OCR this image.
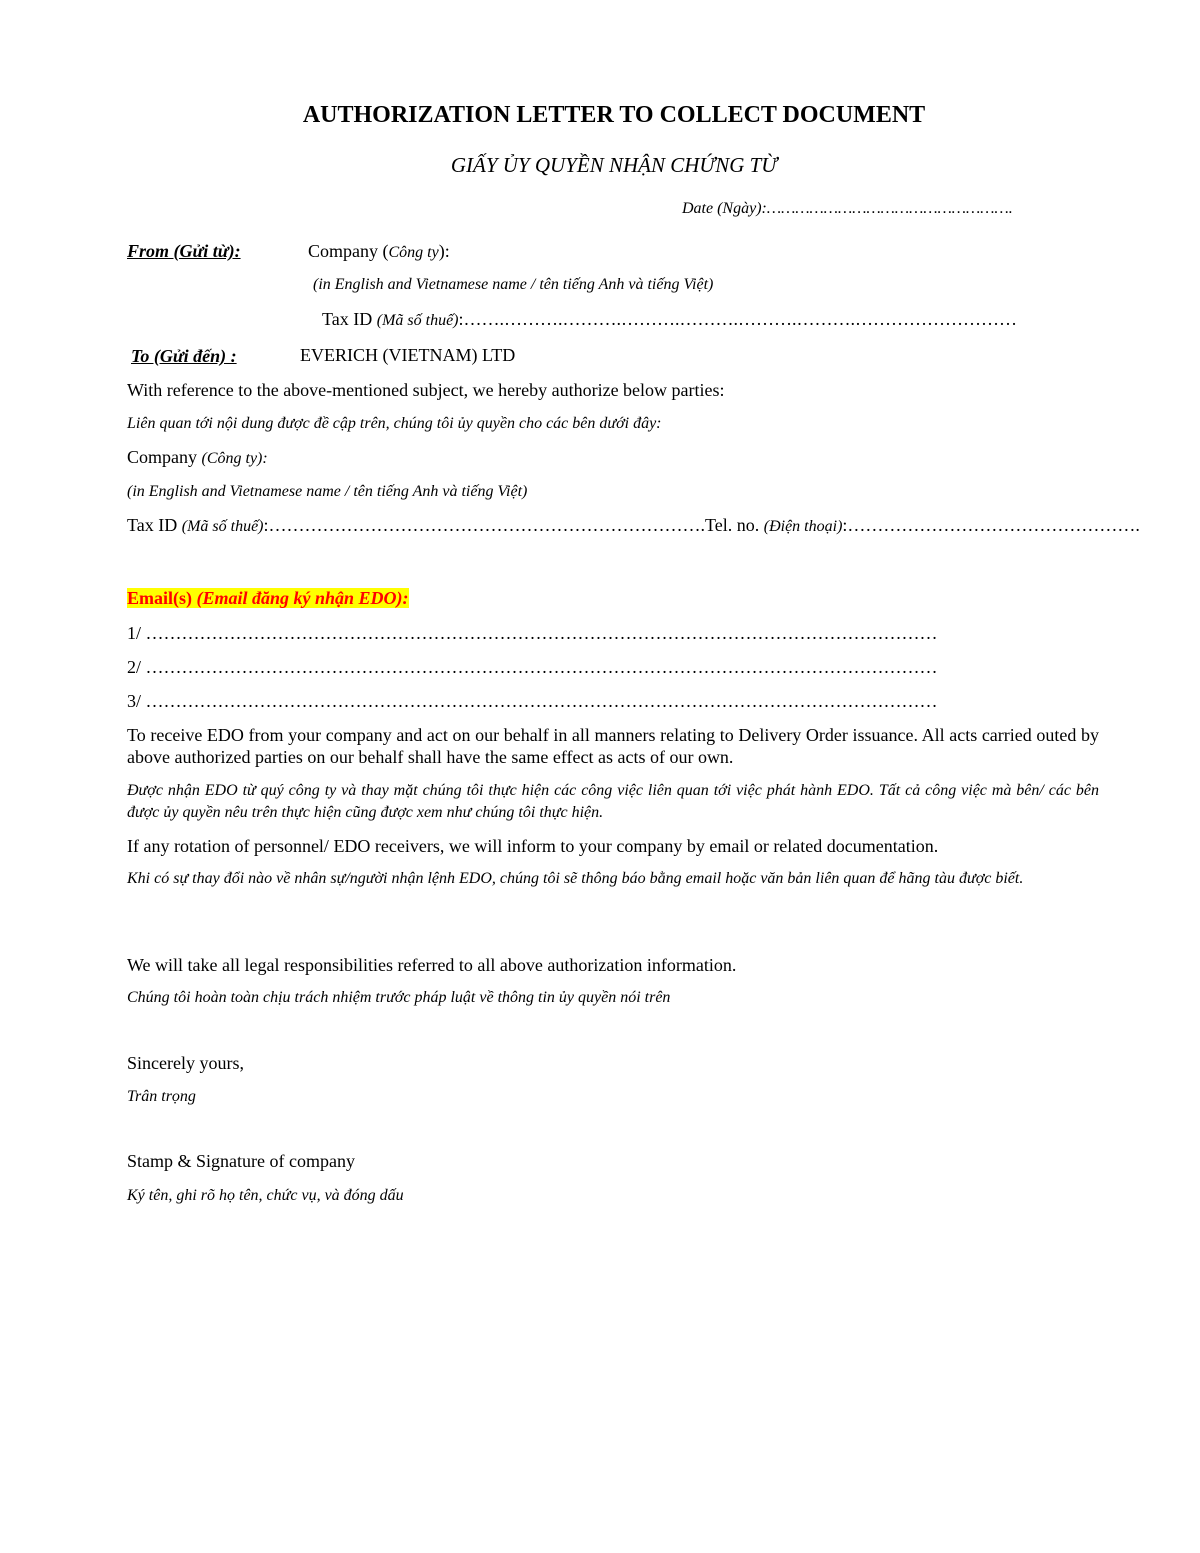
AUTHORIZATION LETTER TO COLLECT DOCUMENT
GIẤY ỦY QUYỀN NHẬN CHỨNG TỪ
Date (Ngày):…………………………………………….
From (Gửi từ):	Company (Công ty):
(in English and Vietnamese name / tên tiếng Anh và tiếng Việt)
Tax ID (Mã số thuế):…….……….……….……….……….……….……….………………………
To (Gửi đến) :	EVERICH (VIETNAM) LTD
With reference to the above-mentioned subject, we hereby authorize below parties:
Liên quan tới nội dung được đề cập trên, chúng tôi ủy quyền cho các bên dưới đây:
Company (Công ty):
(in English and Vietnamese name / tên tiếng Anh và tiếng Việt)
Tax ID (Mã số thuế):……………………………………………………………….Tel. no. (Điện thoại):………………………………………….
Email(s) (Email đăng ký nhận EDO):
1/ ……………………………………………………………………………………………………………………
2/ ……………………………………………………………………………………………………………………
3/ ……………………………………………………………………………………………………………………
To receive EDO from your company and act on our behalf in all manners relating to Delivery Order issuance. All acts carried outed by above authorized parties on our behalf shall have the same effect as acts of our own.
Được nhận EDO từ quý công ty và thay mặt chúng tôi thực hiện các công việc liên quan tới việc phát hành EDO. Tất cả công việc mà bên/ các bên được ủy quyền nêu trên thực hiện cũng được xem như chúng tôi thực hiện.
If any rotation of personnel/ EDO receivers, we will inform to your company by email or related documentation.
Khi có sự thay đổi nào về nhân sự/người nhận lệnh EDO, chúng tôi sẽ thông báo bằng email hoặc văn bản liên quan để hãng tàu được biết.
We will take all legal responsibilities referred to all above authorization information.
Chúng tôi hoàn toàn chịu trách nhiệm trước pháp luật về thông tin ủy quyền nói trên
Sincerely yours,
Trân trọng
Stamp & Signature of company
Ký tên, ghi rõ họ tên, chức vụ, và đóng dấu
